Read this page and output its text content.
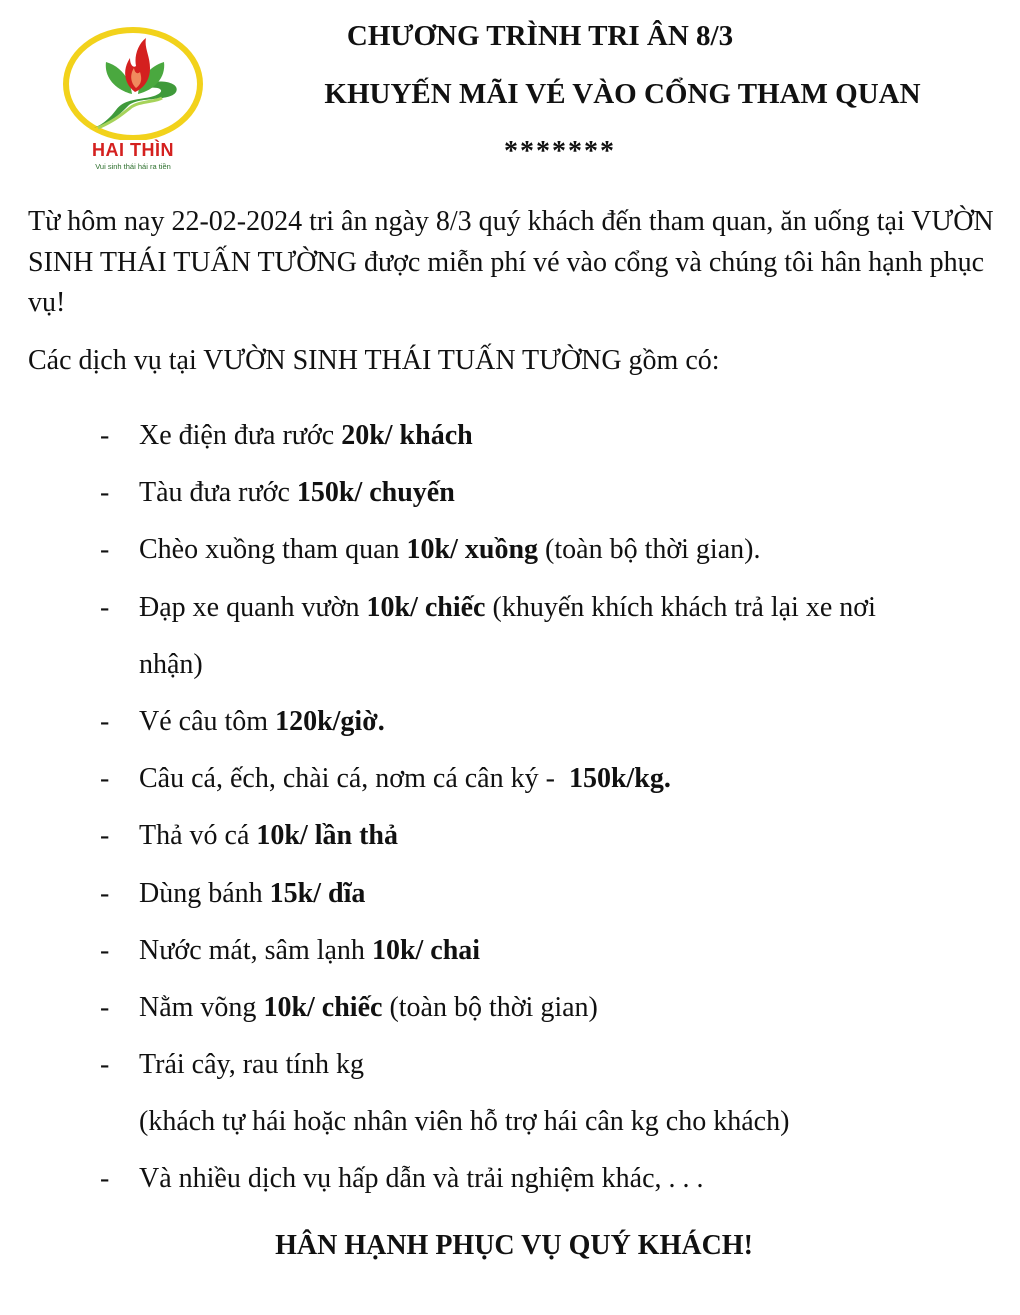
HAI THÌN
Vui sinh thái hái ra tiền
CHƯƠNG TRÌNH TRI ÂN 8/3
KHUYẾN MÃI VÉ VÀO CỔNG THAM QUAN
*******

Từ hôm nay 22-02-2024 tri ân ngày 8/3 quý khách đến tham quan, ăn uống tại VƯỜN SINH THÁI TUẤN TƯỜNG được miễn phí vé vào cổng và chúng tôi hân hạnh phục vụ!

Các dịch vụ tại VƯỜN SINH THÁI TUẤN TƯỜNG gồm có:

- Xe điện đưa rước 20k/ khách
- Tàu đưa rước 150k/ chuyến
- Chèo xuồng tham quan 10k/ xuồng (toàn bộ thời gian).
- Đạp xe quanh vườn 10k/ chiếc (khuyến khích khách trả lại xe nơi
nhận)
- Vé câu tôm 120k/giờ.
- Câu cá, ếch, chài cá, nơm cá cân ký -  150k/kg.
- Thả vó cá 10k/ lần thả
- Dùng bánh 15k/ dĩa
- Nước mát, sâm lạnh 10k/ chai
- Nằm võng 10k/ chiếc (toàn bộ thời gian)
- Trái cây, rau tính kg
(khách tự hái hoặc nhân viên hỗ trợ hái cân kg cho khách)
- Và nhiều dịch vụ hấp dẫn và trải nghiệm khác, . . .
HÂN HẠNH PHỤC VỤ QUÝ KHÁCH!
